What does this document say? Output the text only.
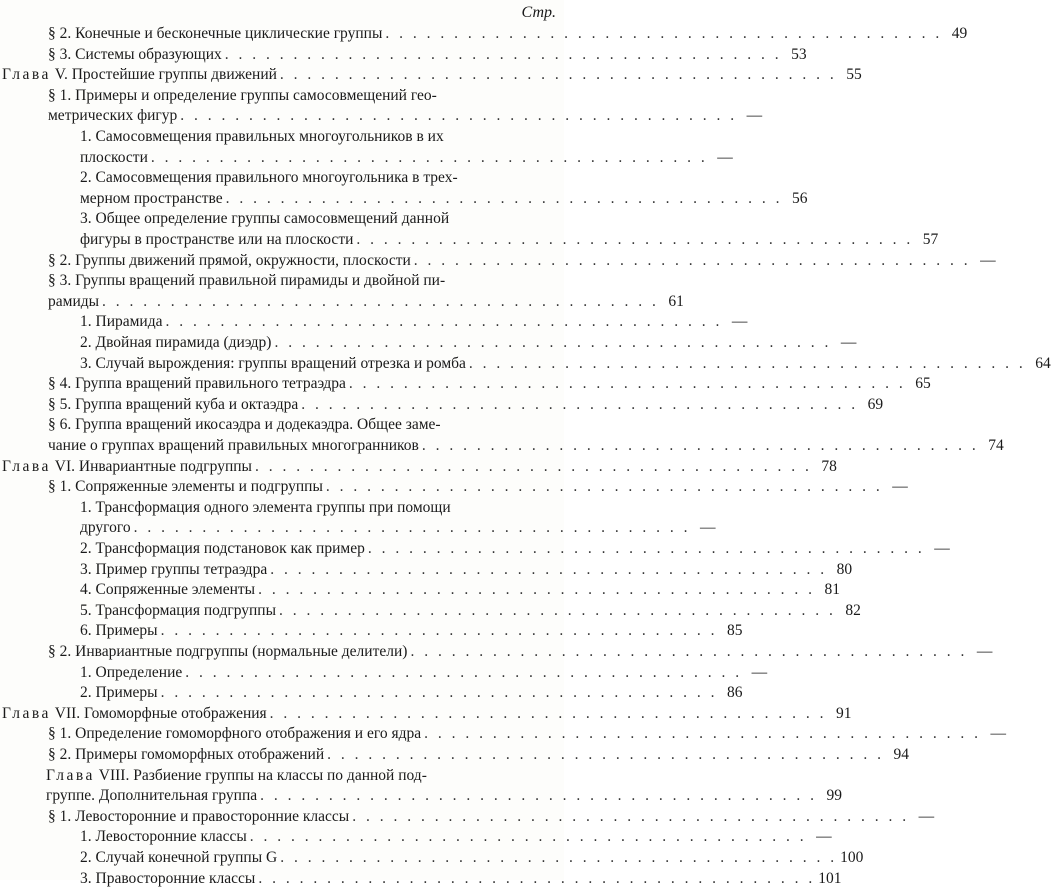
Стр.
§ 2. Конечные и бесконечные циклические группы . . . . . . . . . . . . . . . . . . . . . . . . . . . . . . . . . . . . . . . . . 49
§ 3. Системы образующих . . . . . . . . . . . . . . . . . . . . . . . . . . . . . . . . . . . . . . . . . 53
Глава
V. Простейшие группы движений . . . . . . . . . . . . . . . . . . . . . . . . . . . . . . . . . . . . . . . . . 55
§ 1. Примеры и определение группы самосовмещений гео-
метрических фигур . . . . . . . . . . . . . . . . . . . . . . . . . . . . . . . . . . . . . . . . . —
1. Самосовмещения правильных многоугольников в их
плоскости . . . . . . . . . . . . . . . . . . . . . . . . . . . . . . . . . . . . . . . . . —
2. Самосовмещения правильного многоугольника в трех-
мерном пространстве . . . . . . . . . . . . . . . . . . . . . . . . . . . . . . . . . . . . . . . . . 56
3. Общее определение группы самосовмещений данной
фигуры в пространстве или на плоскости . . . . . . . . . . . . . . . . . . . . . . . . . . . . . . . . . . . . . . . . . 57
§ 2. Группы движений прямой, окружности, плоскости . . . . . . . . . . . . . . . . . . . . . . . . . . . . . . . . . . . . . . . . . —
§ 3. Группы вращений правильной пирамиды и двойной пи-
рамиды . . . . . . . . . . . . . . . . . . . . . . . . . . . . . . . . . . . . . . . . . 61
1. Пирамида . . . . . . . . . . . . . . . . . . . . . . . . . . . . . . . . . . . . . . . . . —
2. Двойная пирамида (диэдр) . . . . . . . . . . . . . . . . . . . . . . . . . . . . . . . . . . . . . . . . . —
3. Случай вырождения: группы вращений отрезка и ромба . . . . . . . . . . . . . . . . . . . . . . . . . . . . . . . . . . . . . . . . . 64
§ 4. Группа вращений правильного тетраэдра . . . . . . . . . . . . . . . . . . . . . . . . . . . . . . . . . . . . . . . . . 65
§ 5. Группа вращений куба и октаэдра . . . . . . . . . . . . . . . . . . . . . . . . . . . . . . . . . . . . . . . . . 69
§ 6. Группа вращений икосаэдра и додекаэдра. Общее заме-
чание о группах вращений правильных многогранников . . . . . . . . . . . . . . . . . . . . . . . . . . . . . . . . . . . . . . . . . 74
Глава
VI. Инвариантные подгруппы . . . . . . . . . . . . . . . . . . . . . . . . . . . . . . . . . . . . . . . . . 78
§ 1. Сопряженные элементы и подгруппы . . . . . . . . . . . . . . . . . . . . . . . . . . . . . . . . . . . . . . . . . —
1. Трансформация одного элемента группы при помощи
другого . . . . . . . . . . . . . . . . . . . . . . . . . . . . . . . . . . . . . . . . . —
2. Трансформация подстановок как пример . . . . . . . . . . . . . . . . . . . . . . . . . . . . . . . . . . . . . . . . . —
3. Пример группы тетраэдра . . . . . . . . . . . . . . . . . . . . . . . . . . . . . . . . . . . . . . . . . 80
4. Сопряженные элементы . . . . . . . . . . . . . . . . . . . . . . . . . . . . . . . . . . . . . . . . . 81
5. Трансформация подгруппы . . . . . . . . . . . . . . . . . . . . . . . . . . . . . . . . . . . . . . . . . 82
6. Примеры . . . . . . . . . . . . . . . . . . . . . . . . . . . . . . . . . . . . . . . . . 85
§ 2. Инвариантные подгруппы (нормальные делители) . . . . . . . . . . . . . . . . . . . . . . . . . . . . . . . . . . . . . . . . . —
1. Определение . . . . . . . . . . . . . . . . . . . . . . . . . . . . . . . . . . . . . . . . . —
2. Примеры . . . . . . . . . . . . . . . . . . . . . . . . . . . . . . . . . . . . . . . . . 86
Глава
VII. Гомоморфные отображения . . . . . . . . . . . . . . . . . . . . . . . . . . . . . . . . . . . . . . . . . 91
§ 1. Определение гомоморфного отображения и его ядра . . . . . . . . . . . . . . . . . . . . . . . . . . . . . . . . . . . . . . . . . —
§ 2. Примеры гомоморфных отображений . . . . . . . . . . . . . . . . . . . . . . . . . . . . . . . . . . . . . . . . . 94
Глава
VIII. Разбиение группы на классы по данной под-
группе. Дополнительная группа . . . . . . . . . . . . . . . . . . . . . . . . . . . . . . . . . . . . . . . . . 99
§ 1. Левосторонние и правосторонние классы . . . . . . . . . . . . . . . . . . . . . . . . . . . . . . . . . . . . . . . . . —
1. Левосторонние классы . . . . . . . . . . . . . . . . . . . . . . . . . . . . . . . . . . . . . . . . . —
2. Случай конечной группы G . . . . . . . . . . . . . . . . . . . . . . . . . . . . . . . . . . . . . . . . . 100
3. Правосторонние классы . . . . . . . . . . . . . . . . . . . . . . . . . . . . . . . . . . . . . . . . . 101
